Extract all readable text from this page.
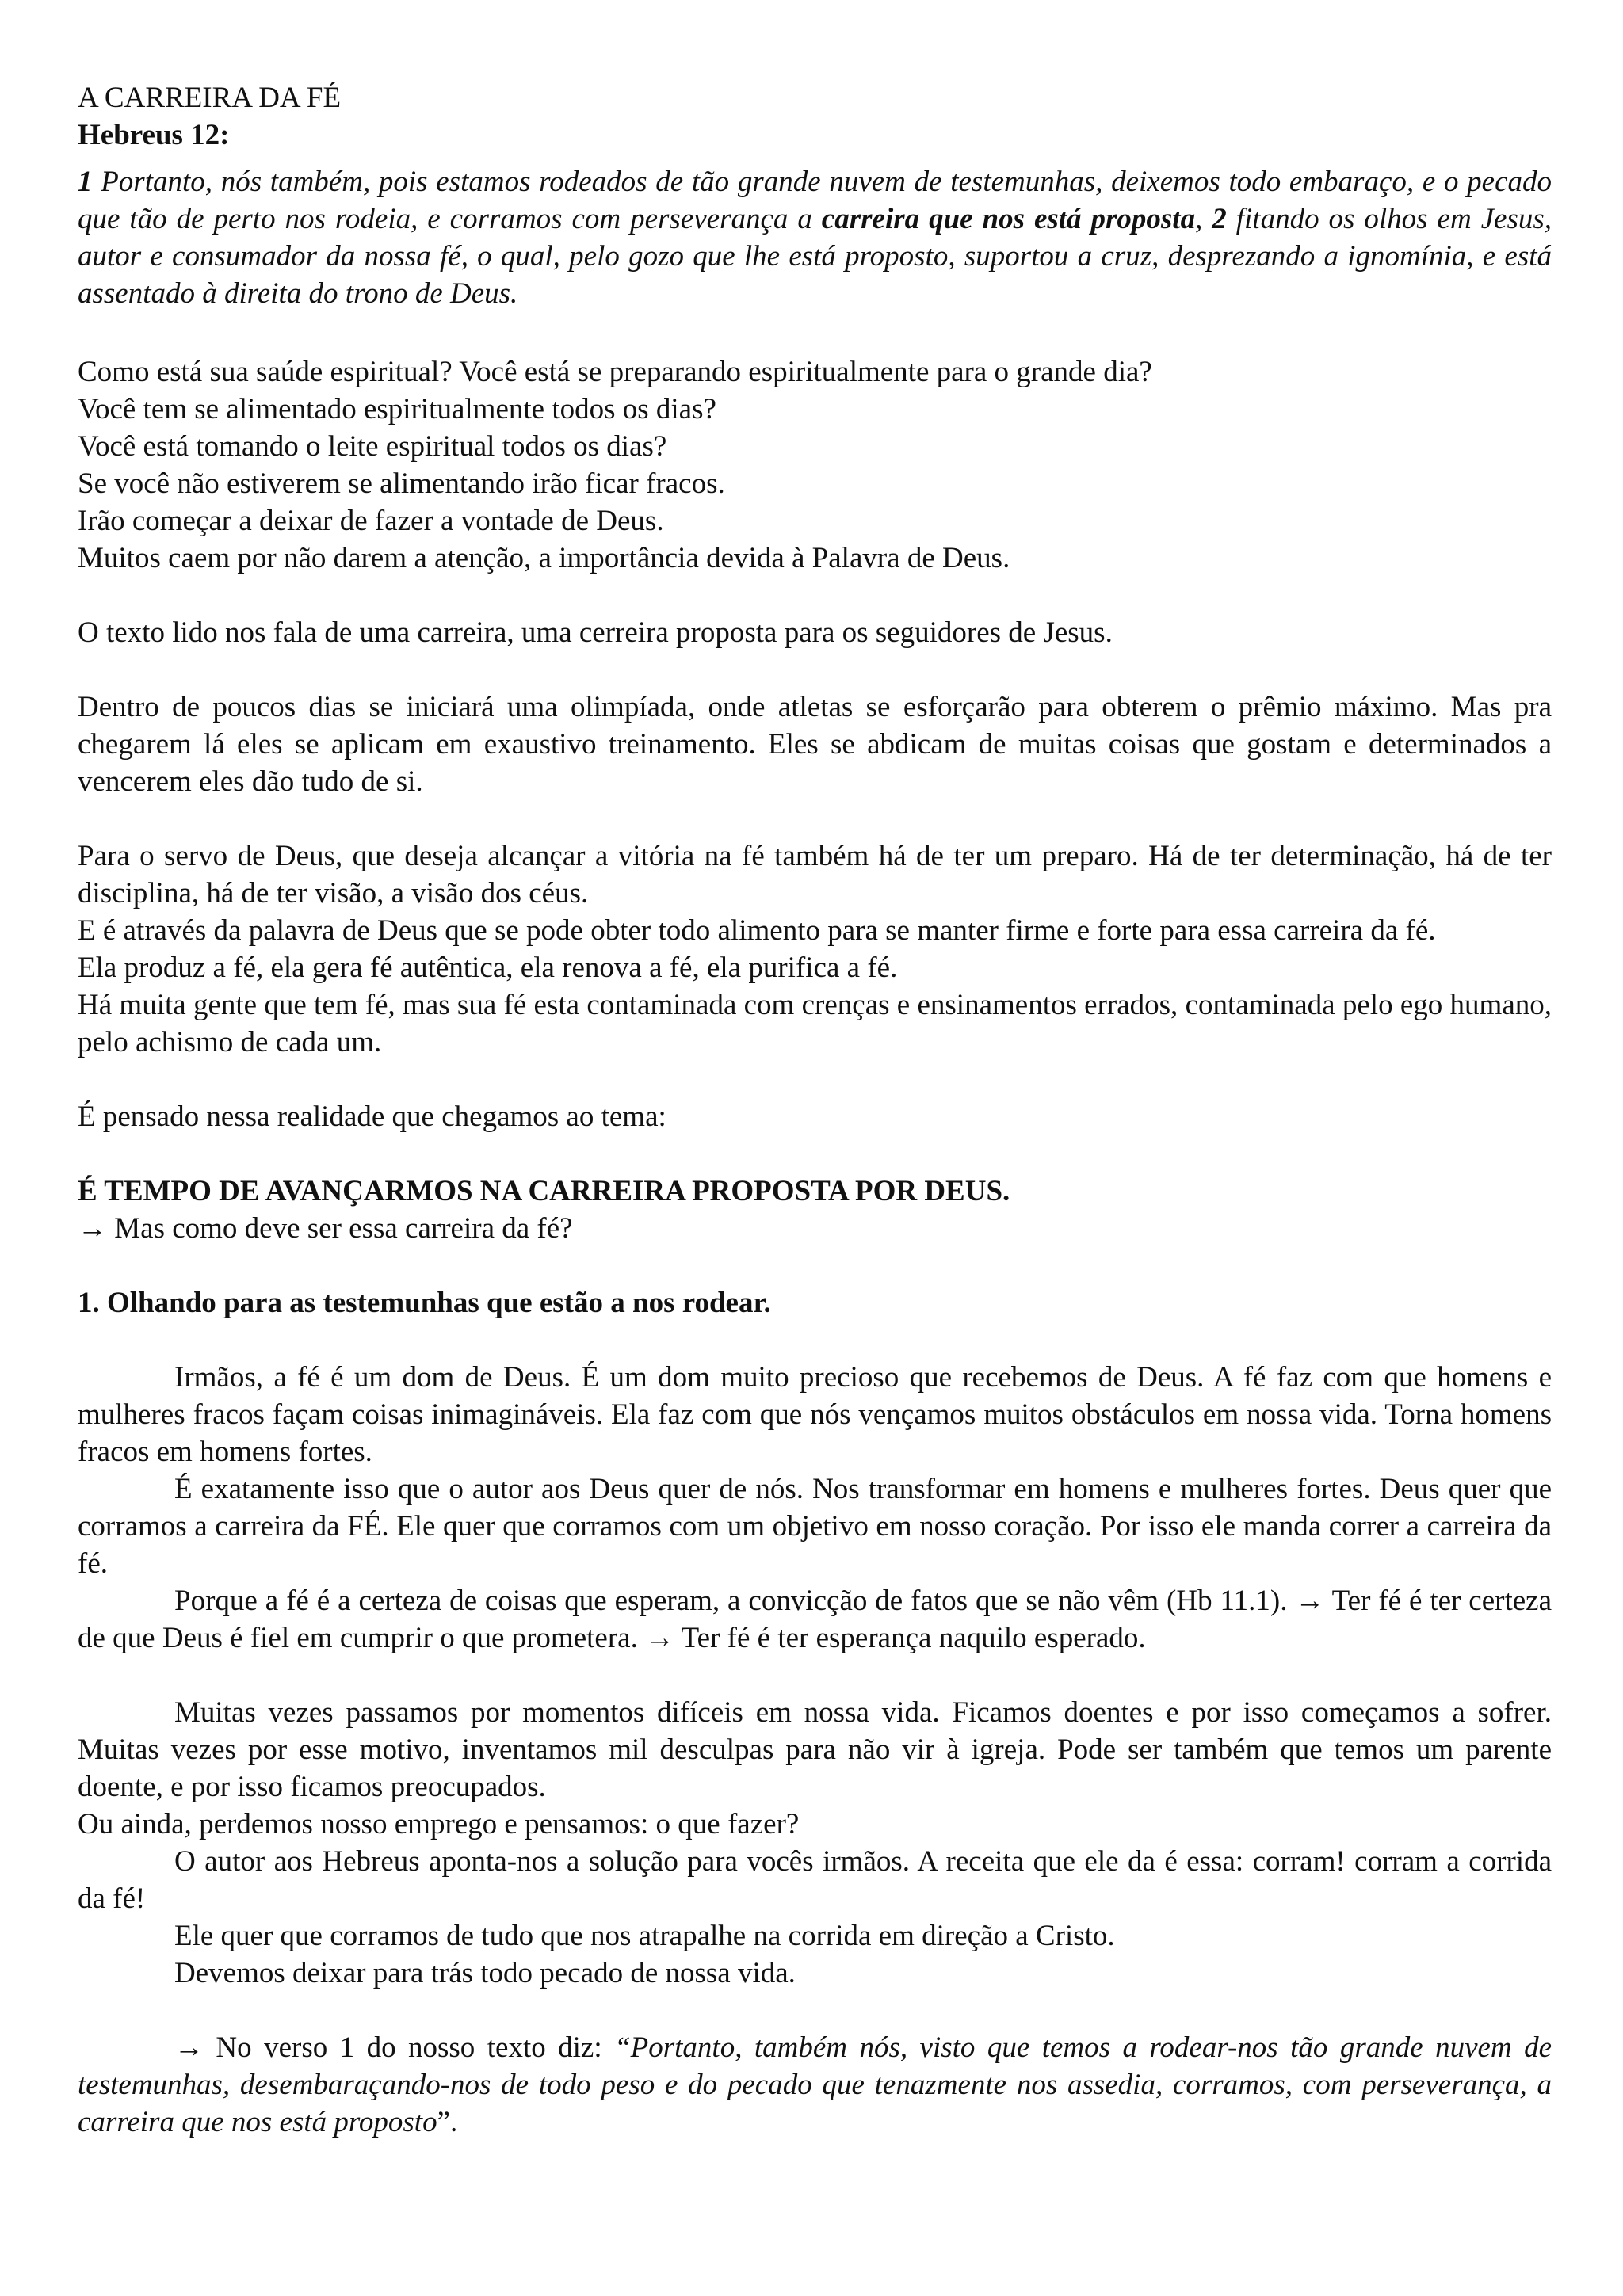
A CARREIRA DA FÉ
Hebreus 12:

1 Portanto, nós também, pois estamos rodeados de tão grande nuvem de testemunhas, deixemos todo embaraço, e o pecado que tão de perto nos rodeia, e corramos com perseverança a carreira que nos está proposta, 2 fitando os olhos em Jesus, autor e consumador da nossa fé, o qual, pelo gozo que lhe está proposto, suportou a cruz, desprezando a ignomínia, e está assentado à direita do trono de Deus.

Como está sua saúde espiritual? Você está se preparando espiritualmente para o grande dia?
Você tem se alimentado espiritualmente todos os dias?
Você está tomando o leite espiritual todos os dias?
Se você não estiverem se alimentando irão ficar fracos.
Irão começar a deixar de fazer a vontade de Deus.
Muitos caem por não darem a atenção, a importância devida à Palavra de Deus.

O texto lido nos fala de uma carreira, uma cerreira proposta para os seguidores de Jesus.

Dentro de poucos dias se iniciará uma olimpíada, onde atletas se esforçarão para obterem o prêmio máximo. Mas pra chegarem lá eles se aplicam em exaustivo treinamento. Eles se abdicam de muitas coisas que gostam e determinados a vencerem eles dão tudo de si.

Para o servo de Deus, que deseja alcançar a vitória na fé também há de ter um preparo. Há de ter determinação, há de ter disciplina, há de ter visão, a visão dos céus.

E é através da palavra de Deus que se pode obter todo alimento para se manter firme e forte para essa carreira da fé.

Ela produz a fé, ela gera fé autêntica, ela renova a fé, ela purifica a fé.

Há muita gente que tem fé, mas sua fé esta contaminada com crenças e ensinamentos errados, contaminada pelo ego humano, pelo achismo de cada um.

É pensado nessa realidade que chegamos ao tema:

É TEMPO DE AVANÇARMOS NA CARREIRA PROPOSTA POR DEUS.

→ Mas como deve ser essa carreira da fé?

1. Olhando para as testemunhas que estão a nos rodear.

Irmãos, a fé é um dom de Deus. É um dom muito precioso que recebemos de Deus. A fé faz com que homens e mulheres fracos façam coisas inimagináveis. Ela faz com que nós vençamos muitos obstáculos em nossa vida. Torna homens fracos em homens fortes.

É exatamente isso que o autor aos Deus quer de nós. Nos transformar em homens e mulheres fortes. Deus quer que corramos a carreira da FÉ. Ele quer que corramos com um objetivo em nosso coração. Por isso ele manda correr a carreira da fé.

Porque a fé é a certeza de coisas que esperam, a convicção de fatos que se não vêm (Hb 11.1). → Ter fé é ter certeza de que Deus é fiel em cumprir o que prometera. → Ter fé é ter esperança naquilo esperado.

Muitas vezes passamos por momentos difíceis em nossa vida. Ficamos doentes e por isso começamos a sofrer. Muitas vezes por esse motivo, inventamos mil desculpas para não vir à igreja. Pode ser também que temos um parente doente, e por isso ficamos preocupados.

Ou ainda, perdemos nosso emprego e pensamos: o que fazer?

O autor aos Hebreus aponta-nos a solução para vocês irmãos. A receita que ele da é essa: corram! corram a corrida da fé!

Ele quer que corramos de tudo que nos atrapalhe na corrida em direção a Cristo.

Devemos deixar para trás todo pecado de nossa vida.

→ No verso 1 do nosso texto diz: “Portanto, também nós, visto que temos a rodear-nos tão grande nuvem de testemunhas, desembaraçando-nos de todo peso e do pecado que tenazmente nos assedia, corramos, com perseverança, a carreira que nos está proposto”.
